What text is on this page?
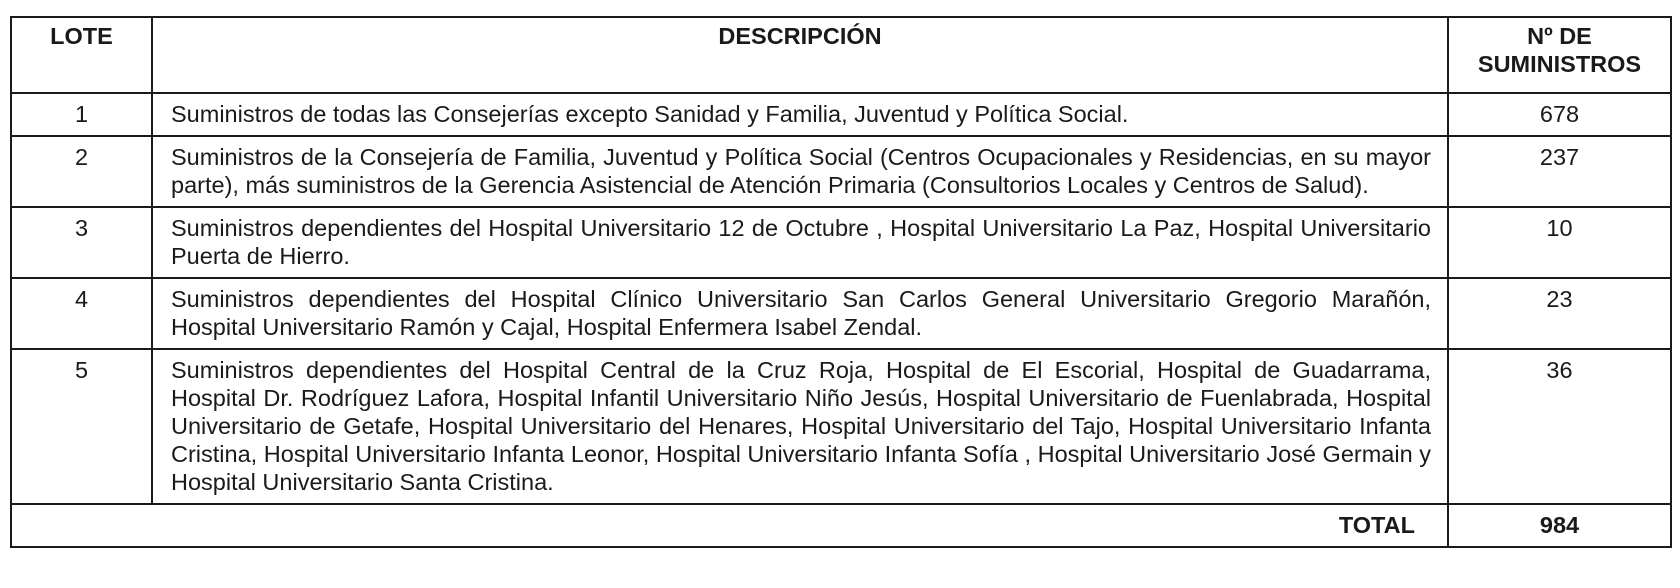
LOTE	DESCRIPCIÓN	Nº DE
SUMINISTROS
1	Suministros de todas las Consejerías excepto Sanidad y Familia, Juventud y Política Social.	678
2	Suministros de la Consejería de Familia, Juventud y Política Social (Centros Ocupacionales y Residencias, en su mayor parte), más suministros de la Gerencia Asistencial de Atención Primaria (Consultorios Locales y Centros de Salud).	237
3	Suministros dependientes del Hospital Universitario 12 de Octubre , Hospital Universitario La Paz, Hospital Universitario Puerta de Hierro.	10
4	Suministros dependientes del Hospital Clínico Universitario San Carlos General Universitario Gregorio Marañón, Hospital Universitario Ramón y Cajal, Hospital Enfermera Isabel Zendal.	23
5	Suministros dependientes del Hospital Central de la Cruz Roja, Hospital de El Escorial, Hospital de Guadarrama, Hospital Dr. Rodríguez Lafora, Hospital Infantil Universitario Niño Jesús, Hospital Universitario de Fuenlabrada, Hospital Universitario de Getafe, Hospital Universitario del Henares, Hospital Universitario del Tajo, Hospital Universitario Infanta Cristina, Hospital Universitario Infanta Leonor, Hospital Universitario Infanta Sofía , Hospital Universitario José Germain y Hospital Universitario Santa Cristina.	36
TOTAL		984
